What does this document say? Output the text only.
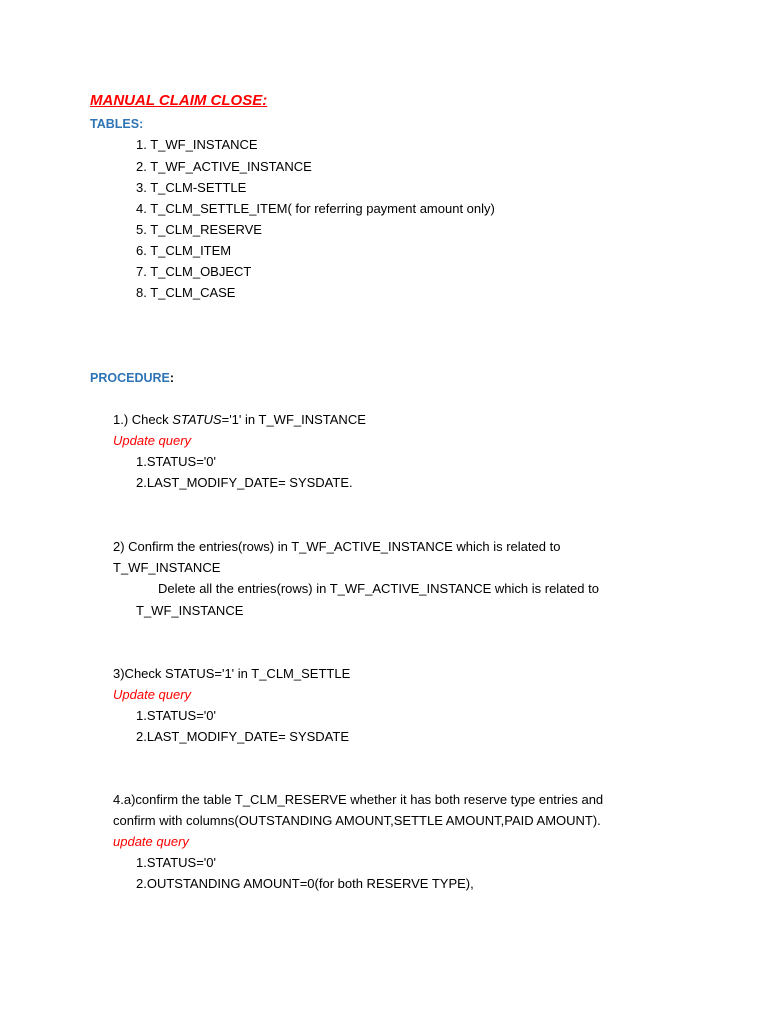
MANUAL CLAIM CLOSE:
TABLES:
1. T_WF_INSTANCE
2. T_WF_ACTIVE_INSTANCE
3. T_CLM-SETTLE
4. T_CLM_SETTLE_ITEM( for referring payment amount only)
5. T_CLM_RESERVE
6. T_CLM_ITEM
7. T_CLM_OBJECT
8. T_CLM_CASE
PROCEDURE:
1.) Check STATUS='1' in T_WF_INSTANCE
Update query
1.STATUS='0'
2.LAST_MODIFY_DATE= SYSDATE.
2) Confirm the entries(rows) in T_WF_ACTIVE_INSTANCE which is related to
T_WF_INSTANCE
Delete all the entries(rows) in T_WF_ACTIVE_INSTANCE which is related to
T_WF_INSTANCE
3)Check STATUS='1' in T_CLM_SETTLE
Update query
1.STATUS='0'
2.LAST_MODIFY_DATE= SYSDATE
4.a)confirm the table T_CLM_RESERVE whether it has both reserve type entries and
confirm with columns(OUTSTANDING AMOUNT,SETTLE AMOUNT,PAID AMOUNT).
update query
1.STATUS='0'
2.OUTSTANDING AMOUNT=0(for both RESERVE TYPE),
